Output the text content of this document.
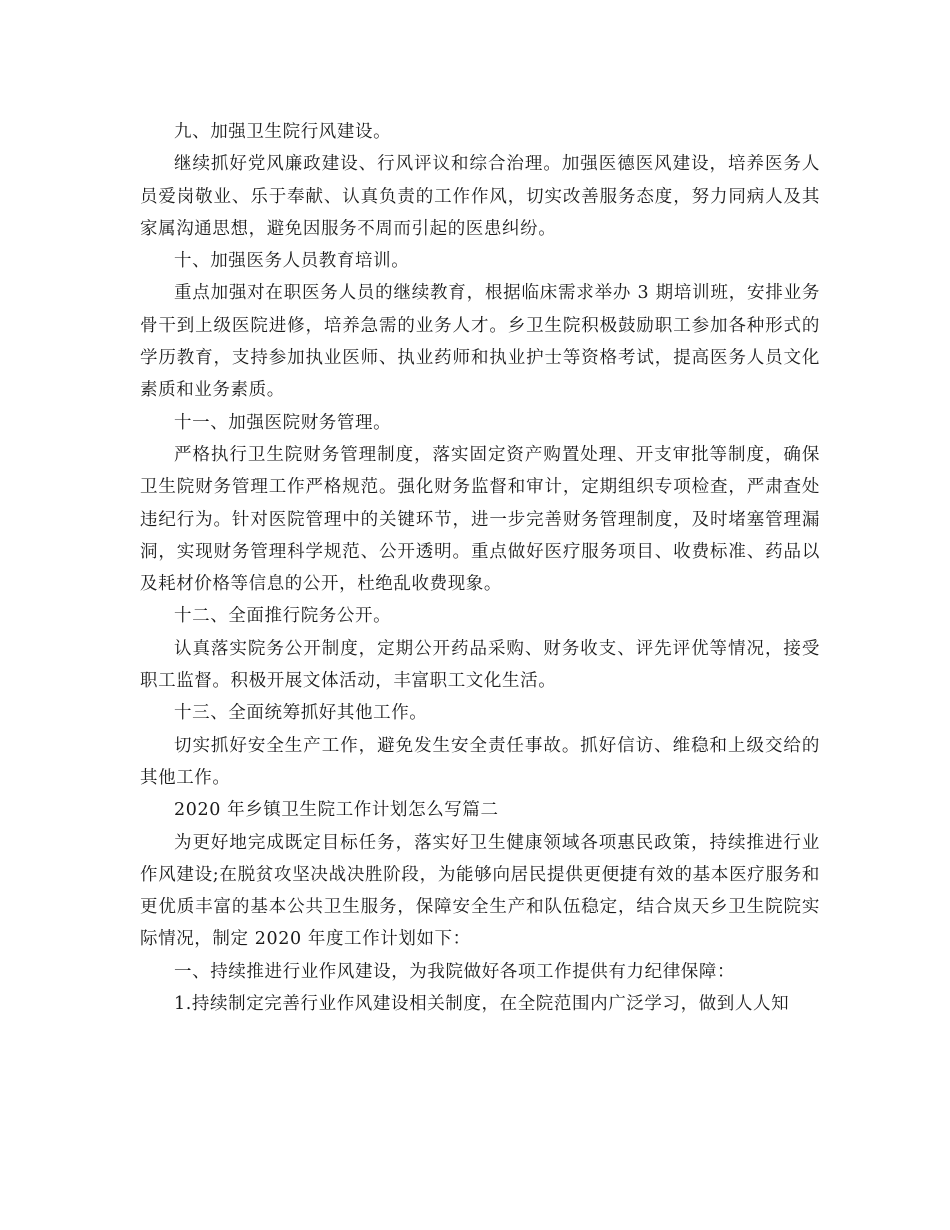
九、加强卫生院行风建设。

继续抓好党风廉政建设、行风评议和综合治理。加强医德医风建设，培养医务人员爱岗敬业、乐于奉献、认真负责的工作作风，切实改善服务态度，努力同病人及其家属沟通思想，避免因服务不周而引起的医患纠纷。

十、加强医务人员教育培训。

重点加强对在职医务人员的继续教育，根据临床需求举办 3 期培训班，安排业务骨干到上级医院进修，培养急需的业务人才。乡卫生院积极鼓励职工参加各种形式的学历教育，支持参加执业医师、执业药师和执业护士等资格考试，提高医务人员文化素质和业务素质。

十一、加强医院财务管理。

严格执行卫生院财务管理制度，落实固定资产购置处理、开支审批等制度，确保卫生院财务管理工作严格规范。强化财务监督和审计，定期组织专项检查，严肃查处违纪行为。针对医院管理中的关键环节，进一步完善财务管理制度，及时堵塞管理漏洞，实现财务管理科学规范、公开透明。重点做好医疗服务项目、收费标准、药品以及耗材价格等信息的公开，杜绝乱收费现象。

十二、全面推行院务公开。

认真落实院务公开制度，定期公开药品采购、财务收支、评先评优等情况，接受职工监督。积极开展文体活动，丰富职工文化生活。

十三、全面统筹抓好其他工作。

切实抓好安全生产工作，避免发生安全责任事故。抓好信访、维稳和上级交给的其他工作。

2020 年乡镇卫生院工作计划怎么写篇二

为更好地完成既定目标任务，落实好卫生健康领域各项惠民政策，持续推进行业作风建设;在脱贫攻坚决战决胜阶段，为能够向居民提供更便捷有效的基本医疗服务和更优质丰富的基本公共卫生服务，保障安全生产和队伍稳定，结合岚天乡卫生院院实际情况，制定 2020 年度工作计划如下：

一、持续推进行业作风建设，为我院做好各项工作提供有力纪律保障：

1.持续制定完善行业作风建设相关制度，在全院范围内广泛学习，做到人人知
